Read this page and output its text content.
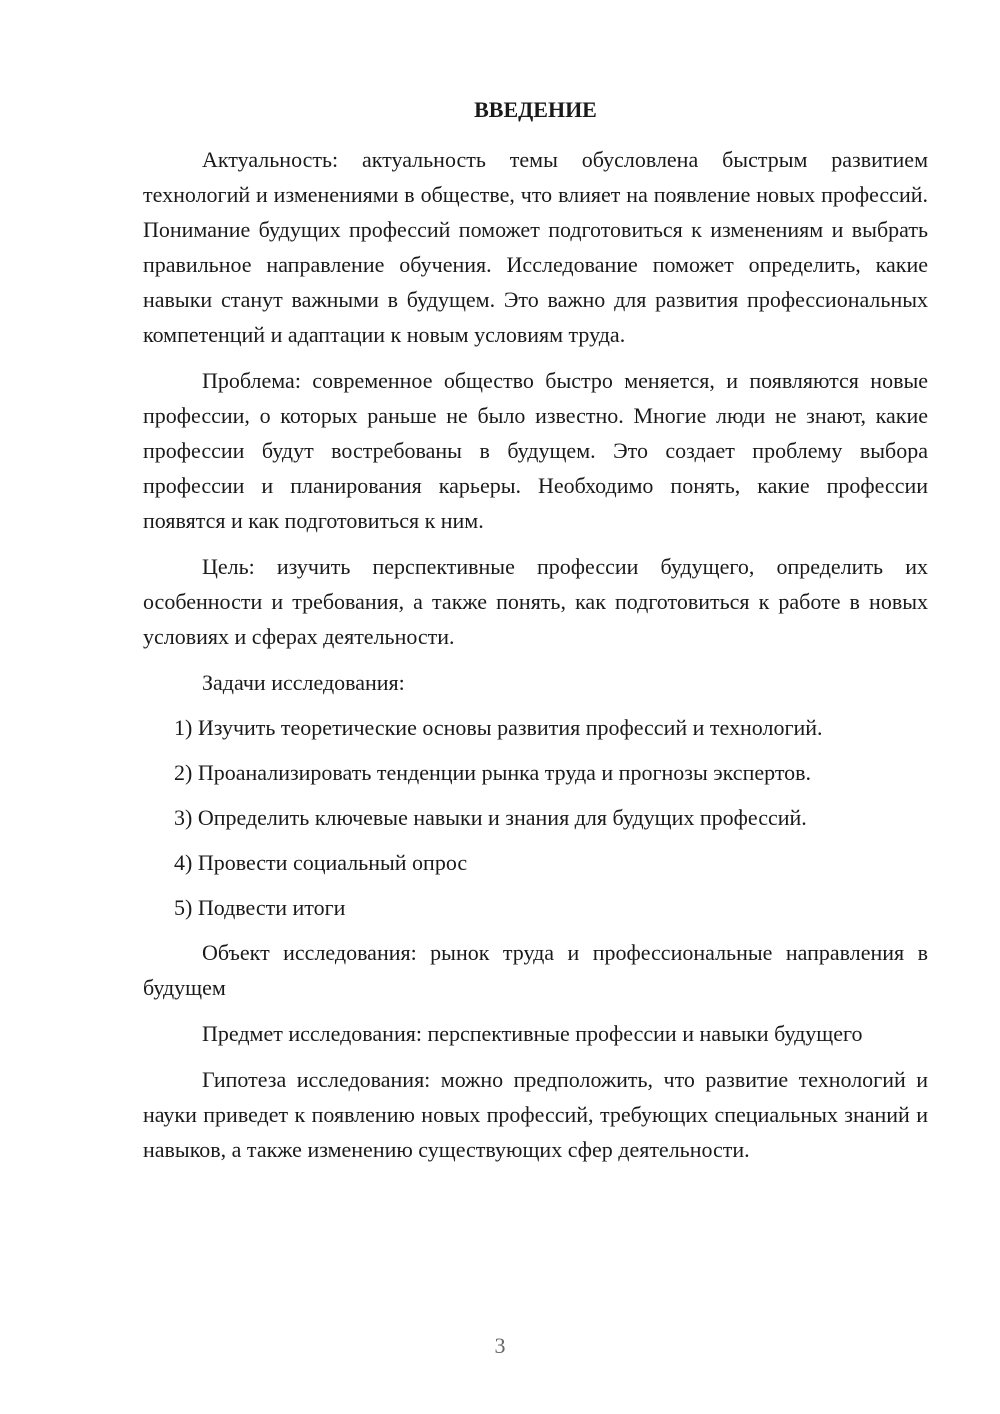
ВВЕДЕНИЕ

Актуальность: актуальность темы обусловлена быстрым развитием технологий и изменениями в обществе, что влияет на появление новых профессий. Понимание будущих профессий поможет подготовиться к изменениям и выбрать правильное направление обучения. Исследование поможет определить, какие навыки станут важными в будущем. Это важно для развития профессиональных компетенций и адаптации к новым условиям труда.

Проблема: современное общество быстро меняется, и появляются новые профессии, о которых раньше не было известно. Многие люди не знают, какие профессии будут востребованы в будущем. Это создает проблему выбора профессии и планирования карьеры. Необходимо понять, какие профессии появятся и как подготовиться к ним.

Цель: изучить перспективные профессии будущего, определить их особенности и требования, а также понять, как подготовиться к работе в новых условиях и сферах деятельности.

Задачи исследования:

1) Изучить теоретические основы развития профессий и технологий.

2) Проанализировать тенденции рынка труда и прогнозы экспертов.

3) Определить ключевые навыки и знания для будущих профессий.

4) Провести социальный опрос

5) Подвести итоги

Объект исследования: рынок труда и профессиональные направления в будущем

Предмет исследования: перспективные профессии и навыки будущего

Гипотеза исследования: можно предположить, что развитие технологий и науки приведет к появлению новых профессий, требующих специальных знаний и навыков, а также изменению существующих сфер деятельности.

3
